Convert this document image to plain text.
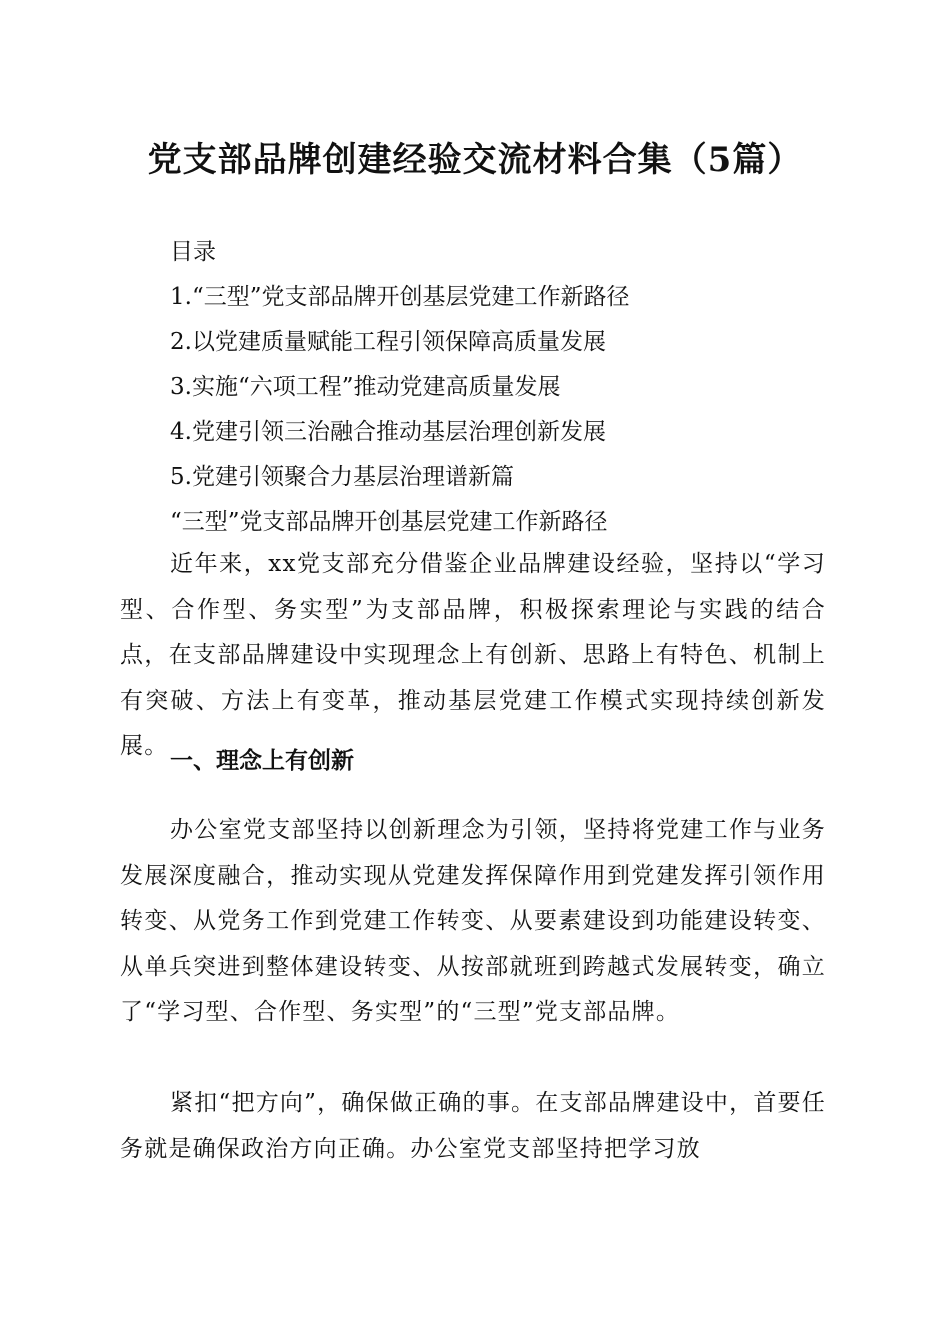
党支部品牌创建经验交流材料合集（5篇）

目录

1.“三型”党支部品牌开创基层党建工作新路径

2.以党建质量赋能工程引领保障高质量发展

3.实施“六项工程”推动党建高质量发展

4.党建引领三治融合推动基层治理创新发展

5.党建引领聚合力基层治理谱新篇

“三型”党支部品牌开创基层党建工作新路径

近年来，xx党支部充分借鉴企业品牌建设经验，坚持以“学习型、合作型、务实型”为支部品牌，积极探索理论与实践的结合点，在支部品牌建设中实现理念上有创新、思路上有特色、机制上有突破、方法上有变革，推动基层党建工作模式实现持续创新发展。

一、理念上有创新

办公室党支部坚持以创新理念为引领，坚持将党建工作与业务发展深度融合，推动实现从党建发挥保障作用到党建发挥引领作用转变、从党务工作到党建工作转变、从要素建设到功能建设转变、从单兵突进到整体建设转变、从按部就班到跨越式发展转变，确立了“学习型、合作型、务实型”的“三型”党支部品牌。

紧扣“把方向”，确保做正确的事。在支部品牌建设中，首要任务就是确保政治方向正确。办公室党支部坚持把学习放
